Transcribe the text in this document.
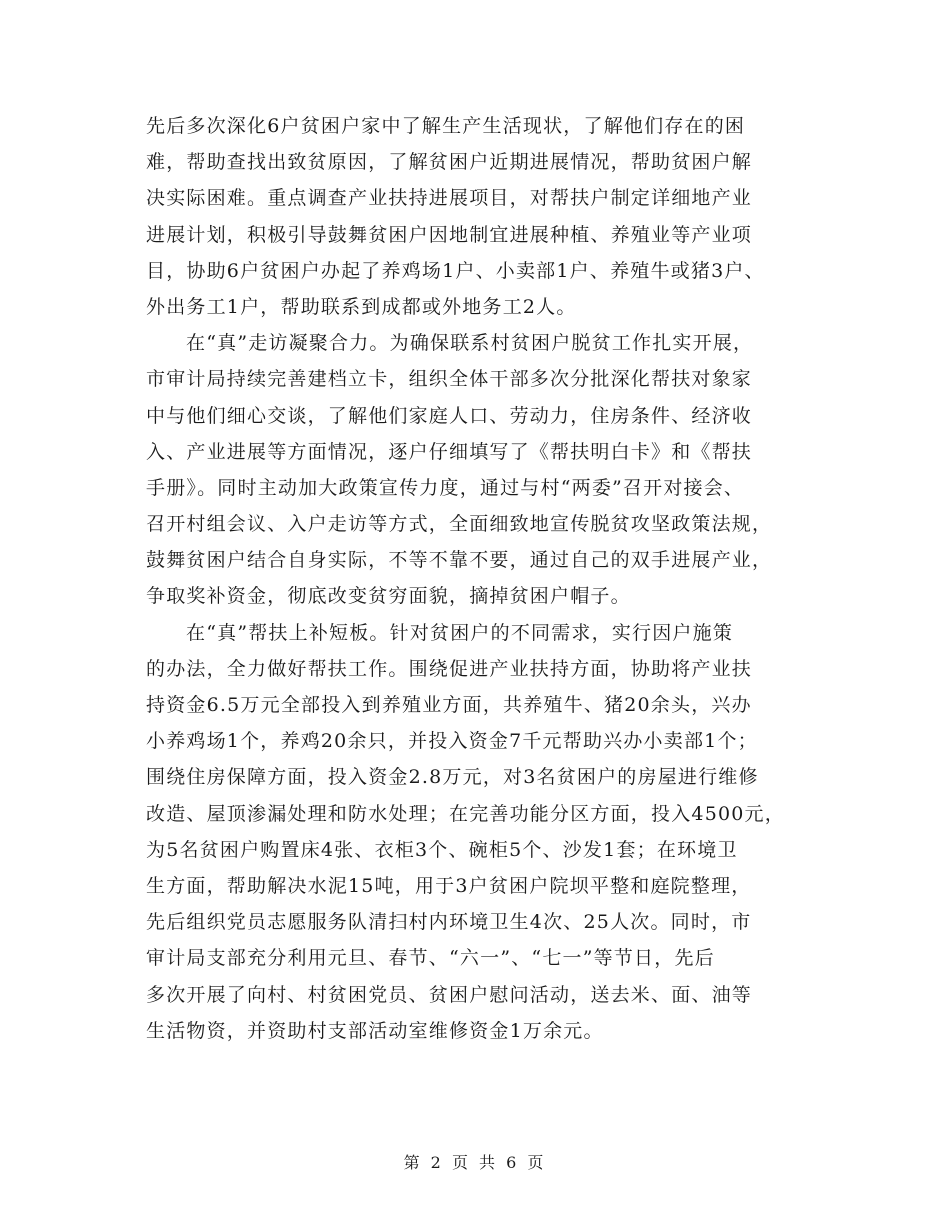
先后多次深化6户贫困户家中了解生产生活现状，了解他们存在的困
难，帮助查找出致贫原因，了解贫困户近期进展情况，帮助贫困户解
决实际困难。重点调查产业扶持进展项目，对帮扶户制定详细地产业
进展计划，积极引导鼓舞贫困户因地制宜进展种植、养殖业等产业项
目，协助6户贫困户办起了养鸡场1户、小卖部1户、养殖牛或猪3户、
外出务工1户，帮助联系到成都或外地务工2人。
在“真”走访凝聚合力。为确保联系村贫困户脱贫工作扎实开展，
市审计局持续完善建档立卡，组织全体干部多次分批深化帮扶对象家
中与他们细心交谈，了解他们家庭人口、劳动力，住房条件、经济收
入、产业进展等方面情况，逐户仔细填写了《帮扶明白卡》和《帮扶
手册》。同时主动加大政策宣传力度，通过与村“两委”召开对接会、
召开村组会议、入户走访等方式，全面细致地宣传脱贫攻坚政策法规，
鼓舞贫困户结合自身实际，不等不靠不要，通过自己的双手进展产业，
争取奖补资金，彻底改变贫穷面貌，摘掉贫困户帽子。
在“真”帮扶上补短板。针对贫困户的不同需求，实行因户施策
的办法，全力做好帮扶工作。围绕促进产业扶持方面，协助将产业扶
持资金6.5万元全部投入到养殖业方面，共养殖牛、猪20余头，兴办
小养鸡场1个，养鸡20余只，并投入资金7千元帮助兴办小卖部1个；
围绕住房保障方面，投入资金2.8万元，对3名贫困户的房屋进行维修
改造、屋顶渗漏处理和防水处理；在完善功能分区方面，投入4500元，
为5名贫困户购置床4张、衣柜3个、碗柜5个、沙发1套；在环境卫
生方面，帮助解决水泥15吨，用于3户贫困户院坝平整和庭院整理，
先后组织党员志愿服务队清扫村内环境卫生4次、25人次。同时，市
审计局支部充分利用元旦、春节、“六一”、“七一”等节日，先后
多次开展了向村、村贫困党员、贫困户慰问活动，送去米、面、油等
生活物资，并资助村支部活动室维修资金1万余元。
第 2 页 共 6 页
